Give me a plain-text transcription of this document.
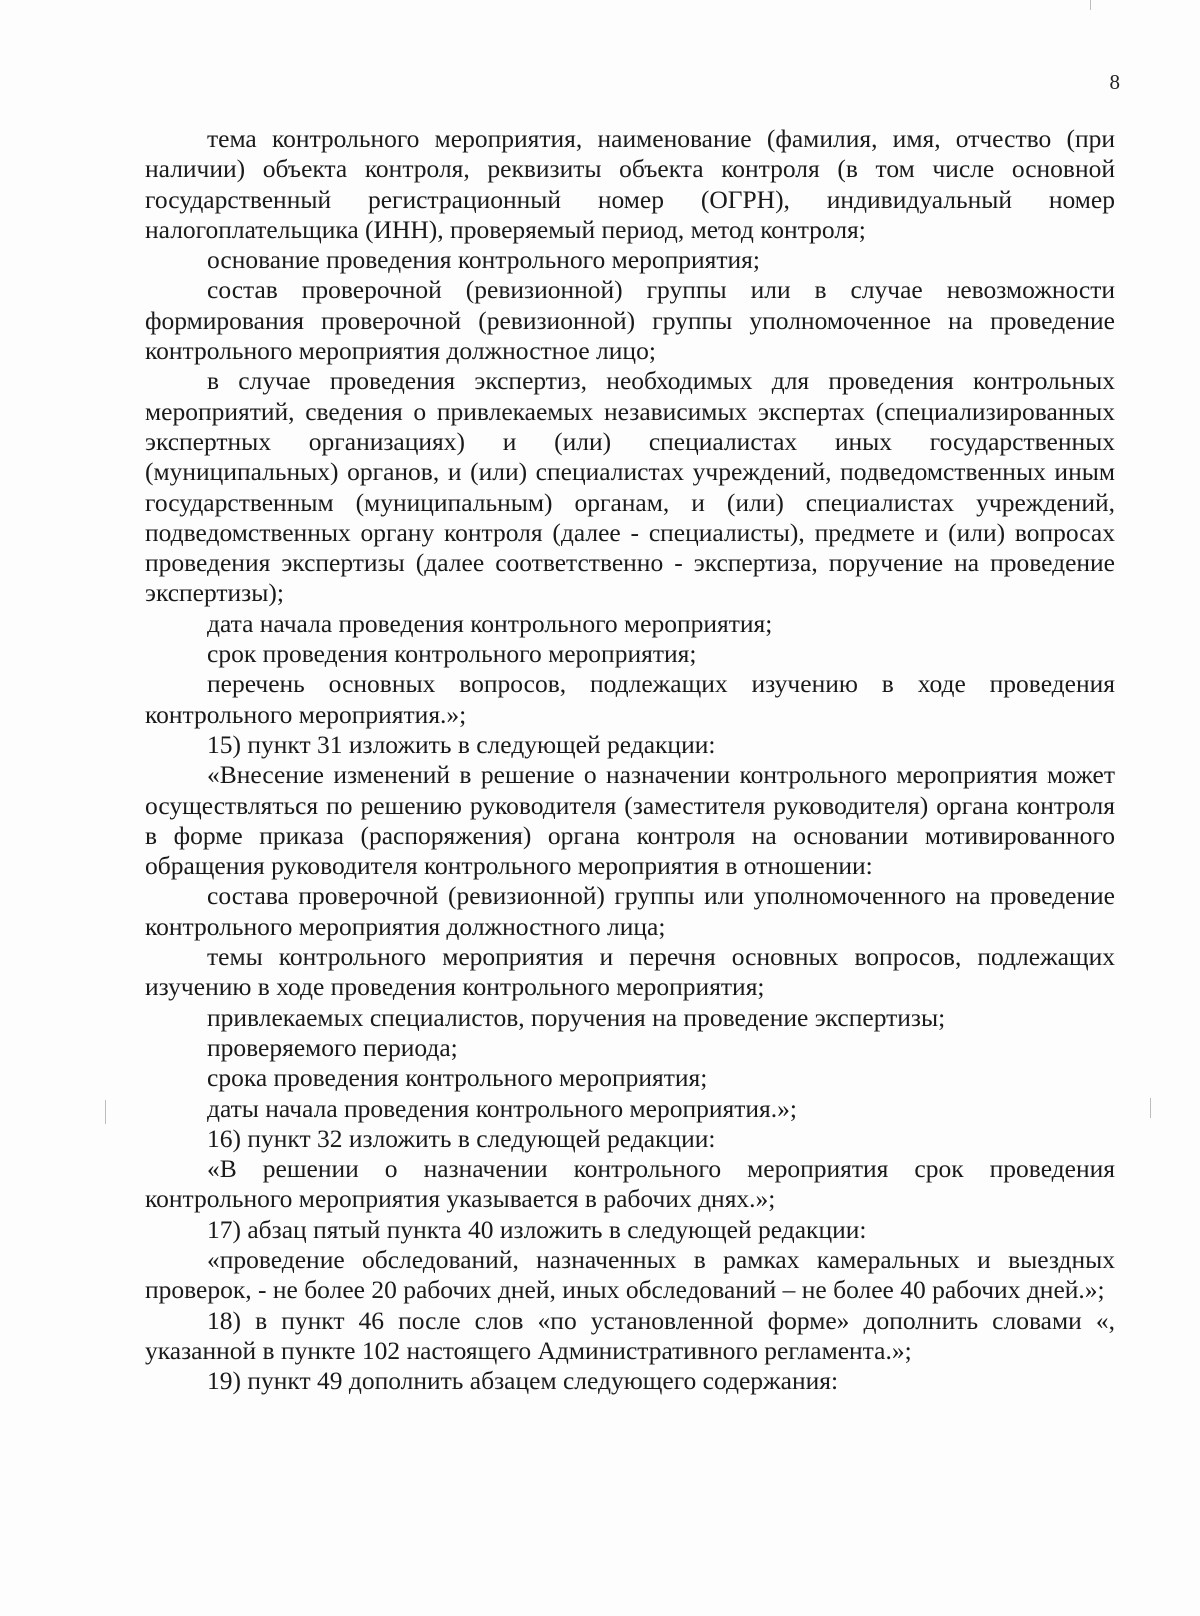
8

тема контрольного мероприятия, наименование (фамилия, имя, отчество (при наличии) объекта контроля, реквизиты объекта контроля (в том числе основной государственный регистрационный номер (ОГРН), индивидуальный номер налогоплательщика (ИНН), проверяемый период, метод контроля;

основание проведения контрольного мероприятия;

состав проверочной (ревизионной) группы или в случае невозможности формирования проверочной (ревизионной) группы уполномоченное на проведение контрольного мероприятия должностное лицо;

в случае проведения экспертиз, необходимых для проведения контрольных мероприятий, сведения о привлекаемых независимых экспертах (специализированных экспертных организациях) и (или) специалистах иных государственных (муниципальных) органов, и (или) специалистах учреждений, подведомственных иным государственным (муниципальным) органам, и (или) специалистах учреждений, подведомственных органу контроля (далее - специалисты), предмете и (или) вопросах проведения экспертизы (далее соответственно - экспертиза, поручение на проведение экспертизы);

дата начала проведения контрольного мероприятия;

срок проведения контрольного мероприятия;

перечень основных вопросов, подлежащих изучению в ходе проведения контрольного мероприятия.»;

15) пункт 31 изложить в следующей редакции:

«Внесение изменений в решение о назначении контрольного мероприятия может осуществляться по решению руководителя (заместителя руководителя) органа контроля в форме приказа (распоряжения) органа контроля на основании мотивированного обращения руководителя контрольного мероприятия в отношении:

состава проверочной (ревизионной) группы или уполномоченного на проведение контрольного мероприятия должностного лица;

темы контрольного мероприятия и перечня основных вопросов, подлежащих изучению в ходе проведения контрольного мероприятия;

привлекаемых специалистов, поручения на проведение экспертизы;

проверяемого периода;

срока проведения контрольного мероприятия;

даты начала проведения контрольного мероприятия.»;

16) пункт 32 изложить в следующей редакции:

«В решении о назначении контрольного мероприятия срок проведения контрольного мероприятия указывается в рабочих днях.»;

17) абзац пятый пункта 40 изложить в следующей редакции:

«проведение обследований, назначенных в рамках камеральных и выездных проверок, - не более 20 рабочих дней, иных обследований – не более 40 рабочих дней.»;

18) в пункт 46 после слов «по установленной форме» дополнить словами «, указанной в пункте 102 настоящего Административного регламента.»;

19) пункт 49 дополнить абзацем следующего содержания:
